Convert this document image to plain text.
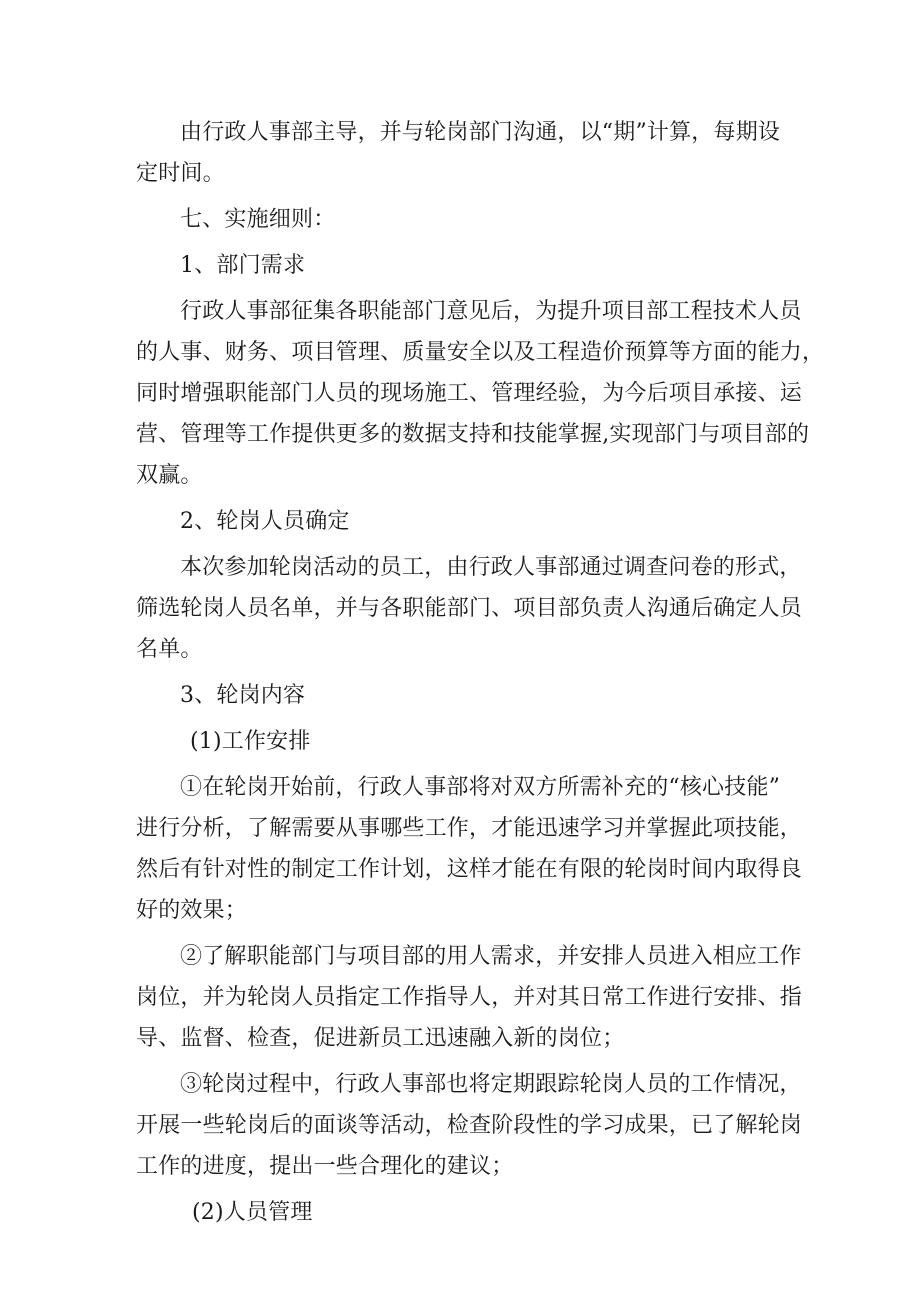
由行政人事部主导，并与轮岗部门沟通，以“期”计算，每期设
定时间。
七、实施细则：
1、部门需求
行政人事部征集各职能部门意见后，为提升项目部工程技术人员
的人事、财务、项目管理、质量安全以及工程造价预算等方面的能力，
同时增强职能部门人员的现场施工、管理经验，为今后项目承接、运
营、管理等工作提供更多的数据支持和技能掌握,实现部门与项目部的
双赢。
2、轮岗人员确定
本次参加轮岗活动的员工，由行政人事部通过调查问卷的形式，
筛选轮岗人员名单，并与各职能部门、项目部负责人沟通后确定人员
名单。
3、轮岗内容
(1)工作安排
①在轮岗开始前，行政人事部将对双方所需补充的“核心技能”
进行分析，了解需要从事哪些工作，才能迅速学习并掌握此项技能，
然后有针对性的制定工作计划，这样才能在有限的轮岗时间内取得良
好的效果；
②了解职能部门与项目部的用人需求，并安排人员进入相应工作
岗位，并为轮岗人员指定工作指导人，并对其日常工作进行安排、指
导、监督、检查，促进新员工迅速融入新的岗位；
③轮岗过程中，行政人事部也将定期跟踪轮岗人员的工作情况，
开展一些轮岗后的面谈等活动，检查阶段性的学习成果，已了解轮岗
工作的进度，提出一些合理化的建议；
(2)人员管理
